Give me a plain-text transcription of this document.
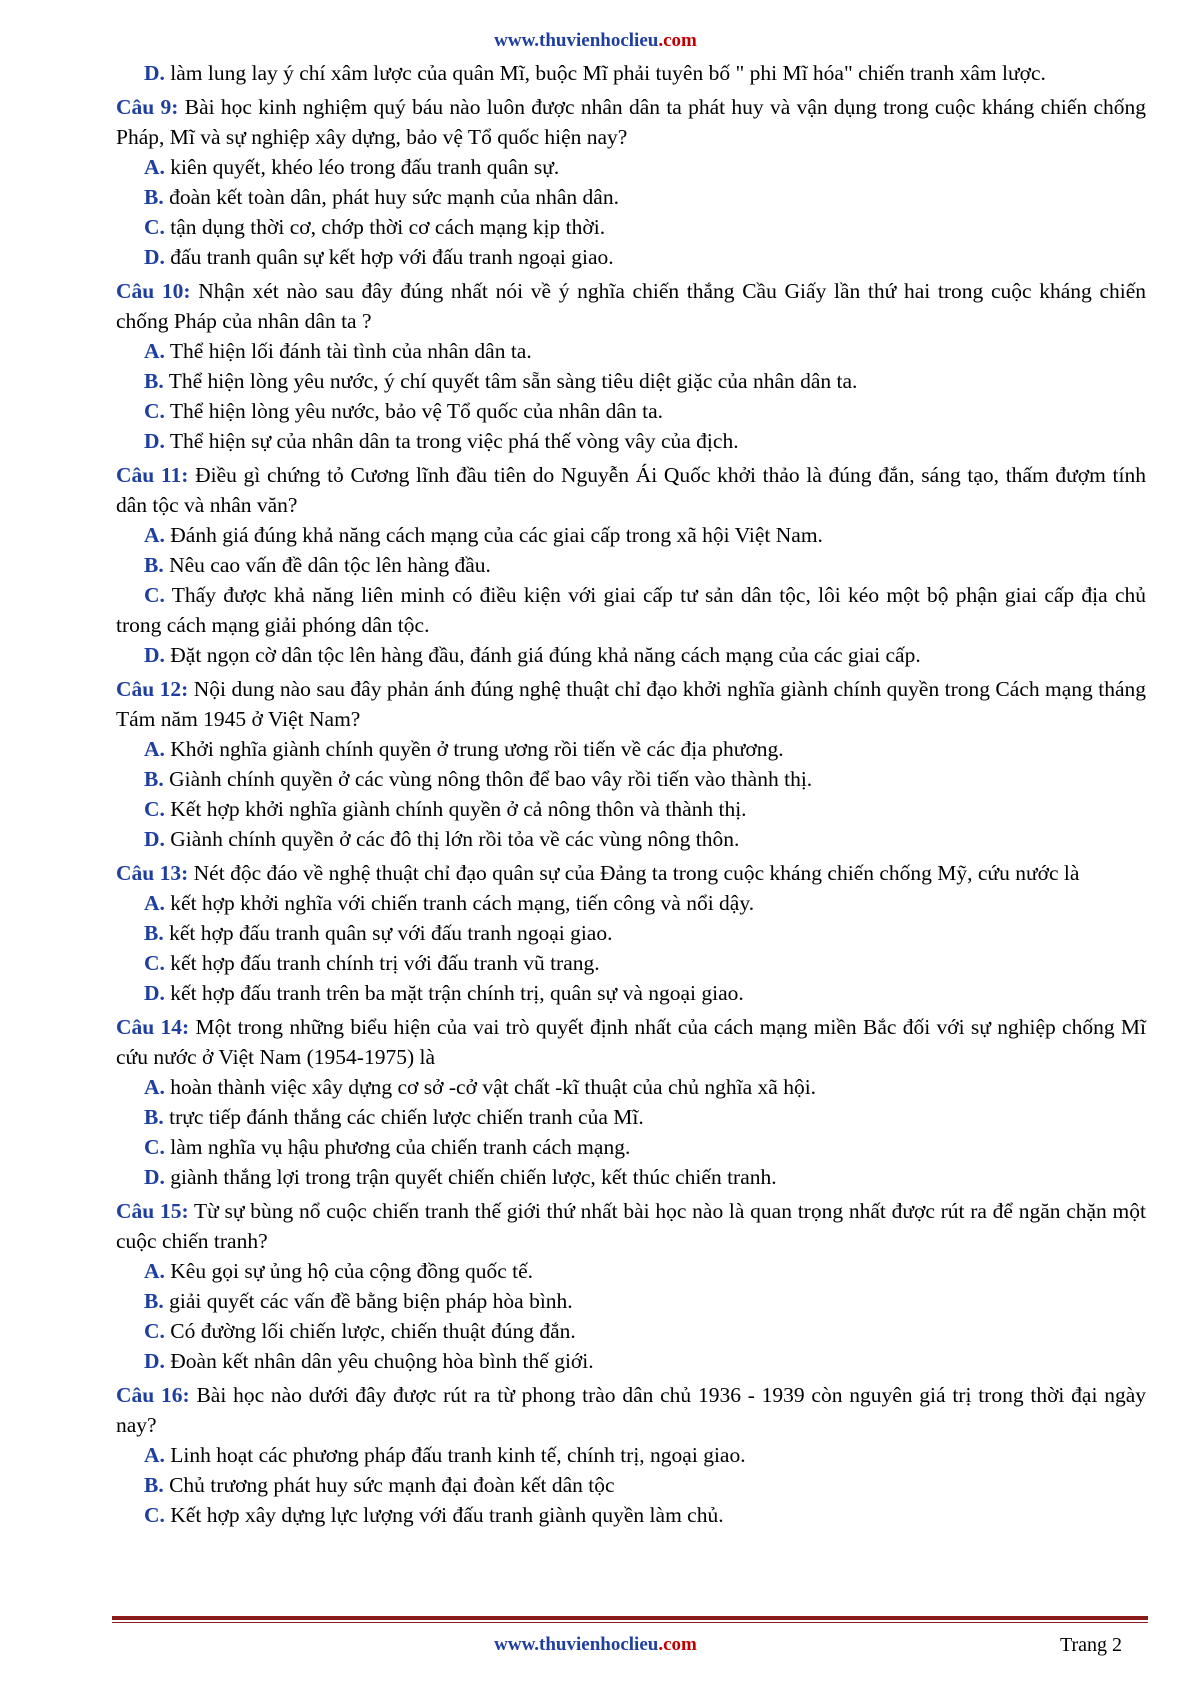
www.thuvienhoclieu.com
D. làm lung lay ý chí xâm lược của quân Mĩ, buộc Mĩ phải tuyên bố " phi Mĩ hóa" chiến tranh xâm lược.
Câu 9: Bài học kinh nghiệm quý báu nào luôn được nhân dân ta phát huy và vận dụng trong cuộc kháng chiến chống Pháp, Mĩ và sự nghiệp xây dựng, bảo vệ Tổ quốc hiện nay?
A. kiên quyết, khéo léo trong đấu tranh quân sự.
B. đoàn kết toàn dân, phát huy sức mạnh của nhân dân.
C. tận dụng thời cơ, chớp thời cơ cách mạng kịp thời.
D. đấu tranh quân sự kết hợp với đấu tranh ngoại giao.
Câu 10: Nhận xét nào sau đây đúng nhất nói về ý nghĩa chiến thắng Cầu Giấy lần thứ hai trong cuộc kháng chiến chống Pháp của nhân dân ta ?
A. Thể hiện lối đánh tài tình của nhân dân ta.
B. Thể hiện lòng yêu nước, ý chí quyết tâm sẵn sàng tiêu diệt giặc của nhân dân ta.
C. Thể hiện lòng yêu nước, bảo vệ Tổ quốc của nhân dân ta.
D. Thể hiện sự của nhân dân ta trong việc phá thế vòng vây của địch.
Câu 11: Điều gì chứng tỏ Cương lĩnh đầu tiên do Nguyễn Ái Quốc khởi thảo là đúng đắn, sáng tạo, thấm đượm tính dân tộc và nhân văn?
A. Đánh giá đúng khả năng cách mạng của các giai cấp trong xã hội Việt Nam.
B. Nêu cao vấn đề dân tộc lên hàng đầu.
C. Thấy được khả năng liên minh có điều kiện với giai cấp tư sản dân tộc, lôi kéo một bộ phận giai cấp địa chủ trong cách mạng giải phóng dân tộc.
D. Đặt ngọn cờ dân tộc lên hàng đầu, đánh giá đúng khả năng cách mạng của các giai cấp.
Câu 12: Nội dung nào sau đây phản ánh đúng nghệ thuật chỉ đạo khởi nghĩa giành chính quyền trong Cách mạng tháng Tám năm 1945 ở Việt Nam?
A. Khởi nghĩa giành chính quyền ở trung ương rồi tiến về các địa phương.
B. Giành chính quyền ở các vùng nông thôn để bao vây rồi tiến vào thành thị.
C. Kết hợp khởi nghĩa giành chính quyền ở cả nông thôn và thành thị.
D. Giành chính quyền ở các đô thị lớn rồi tỏa về các vùng nông thôn.
Câu 13: Nét độc đáo về nghệ thuật chỉ đạo quân sự của Đảng ta trong cuộc kháng chiến chống Mỹ, cứu nước là
A. kết hợp khởi nghĩa với chiến tranh cách mạng, tiến công và nổi dậy.
B. kết hợp đấu tranh quân sự với đấu tranh ngoại giao.
C. kết hợp đấu tranh chính trị với đấu tranh vũ trang.
D. kết hợp đấu tranh trên ba mặt trận chính trị, quân sự và ngoại giao.
Câu 14: Một trong những biểu hiện của vai trò quyết định nhất của cách mạng miền Bắc đối với sự nghiệp chống Mĩ cứu nước ở Việt Nam (1954-1975) là
A. hoàn thành việc xây dựng cơ sở -cở vật chất -kĩ thuật của chủ nghĩa xã hội.
B. trực tiếp đánh thắng các chiến lược chiến tranh của Mĩ.
C. làm nghĩa vụ hậu phương của chiến tranh cách mạng.
D. giành thắng lợi trong trận quyết chiến chiến lược, kết thúc chiến tranh.
Câu 15: Từ sự bùng nổ cuộc chiến tranh thế giới thứ nhất bài học nào là quan trọng nhất được rút ra để ngăn chặn một cuộc chiến tranh?
A. Kêu gọi sự ủng hộ của cộng đồng quốc tế.
B. giải quyết các vấn đề bằng biện pháp hòa bình.
C. Có đường lối chiến lược, chiến thuật đúng đắn.
D. Đoàn kết nhân dân yêu chuộng hòa bình thế giới.
Câu 16: Bài học nào dưới đây được rút ra từ phong trào dân chủ 1936 - 1939 còn nguyên giá trị trong thời đại ngày nay?
A. Linh hoạt các phương pháp đấu tranh kinh tế, chính trị, ngoại giao.
B. Chủ trương phát huy sức mạnh đại đoàn kết dân tộc
C. Kết hợp xây dựng lực lượng với đấu tranh giành quyền làm chủ.
www.thuvienhoclieu.com	Trang 2
